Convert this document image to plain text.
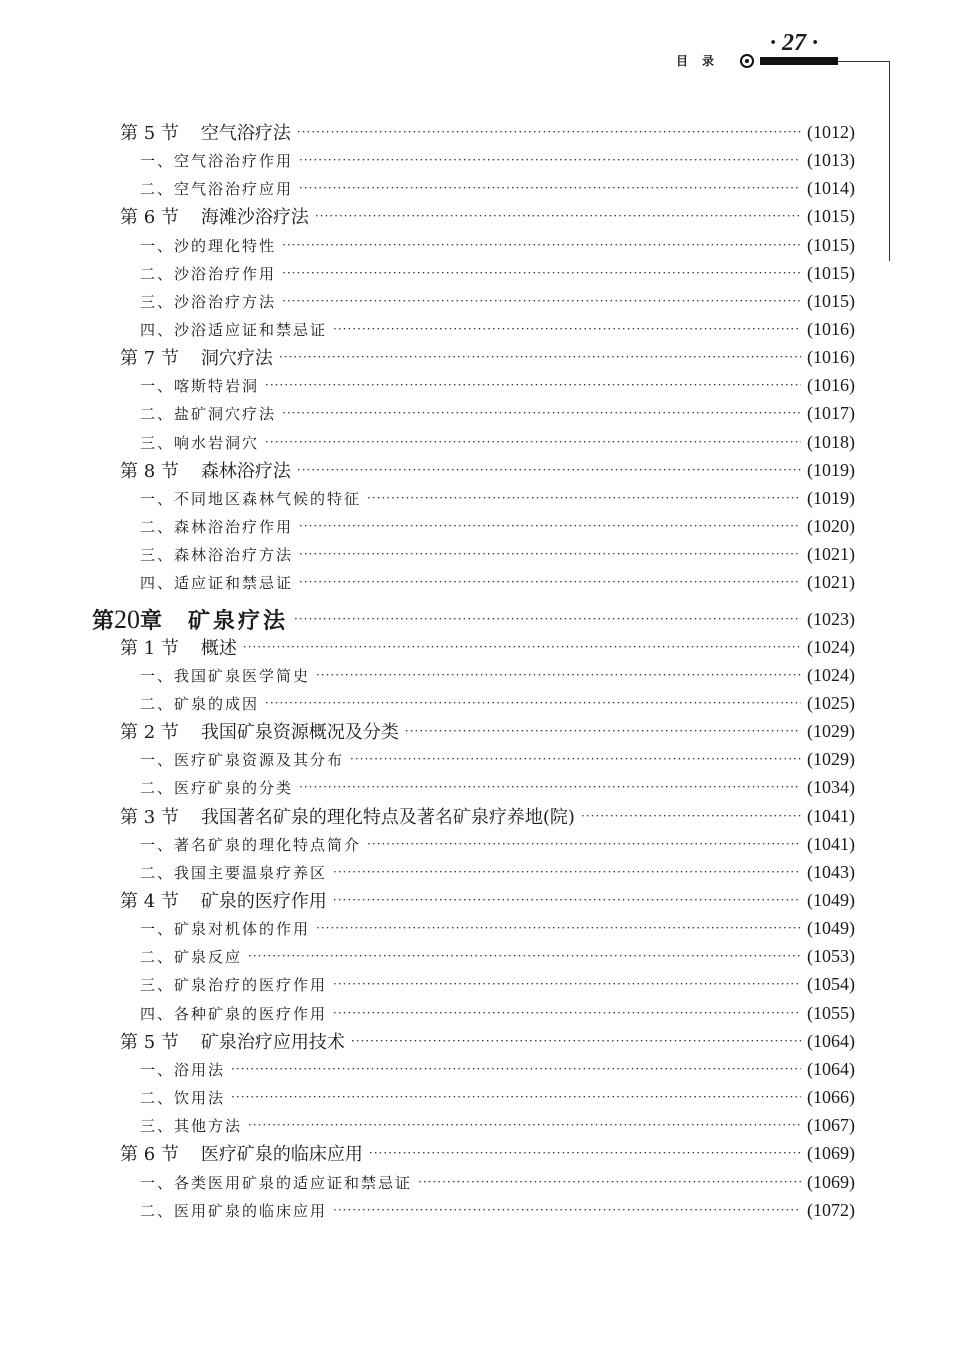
· 27 ·
目录
第 5 节 空气浴疗法 ·····	(1012)
一、空气浴治疗作用 ·····	(1013)
二、空气浴治疗应用 ·····	(1014)
第 6 节 海滩沙浴疗法 ·····	(1015)
一、沙的理化特性 ·····	(1015)
二、沙浴治疗作用 ·····	(1015)
三、沙浴治疗方法 ·····	(1015)
四、沙浴适应证和禁忌证 ·····	(1016)
第 7 节 洞穴疗法 ·····	(1016)
一、喀斯特岩洞 ·····	(1016)
二、盐矿洞穴疗法 ·····	(1017)
三、响水岩洞穴 ·····	(1018)
第 8 节 森林浴疗法 ·····	(1019)
一、不同地区森林气候的特征 ·····	(1019)
二、森林浴治疗作用 ·····	(1020)
三、森林浴治疗方法 ·····	(1021)
四、适应证和禁忌证 ·····	(1021)
第20章 矿泉疗法 ·····	(1023)
第 1 节 概述 ·····	(1024)
一、我国矿泉医学简史 ·····	(1024)
二、矿泉的成因 ·····	(1025)
第 2 节 我国矿泉资源概况及分类 ·····	(1029)
一、医疗矿泉资源及其分布 ·····	(1029)
二、医疗矿泉的分类 ·····	(1034)
第 3 节 我国著名矿泉的理化特点及著名矿泉疗养地(院) ·····	(1041)
一、著名矿泉的理化特点简介 ·····	(1041)
二、我国主要温泉疗养区 ·····	(1043)
第 4 节 矿泉的医疗作用 ·····	(1049)
一、矿泉对机体的作用 ·····	(1049)
二、矿泉反应 ·····	(1053)
三、矿泉治疗的医疗作用 ·····	(1054)
四、各种矿泉的医疗作用 ·····	(1055)
第 5 节 矿泉治疗应用技术 ·····	(1064)
一、浴用法 ·····	(1064)
二、饮用法 ·····	(1066)
三、其他方法 ·····	(1067)
第 6 节 医疗矿泉的临床应用 ·····	(1069)
一、各类医用矿泉的适应证和禁忌证 ·····	(1069)
二、医用矿泉的临床应用 ·····	(1072)
